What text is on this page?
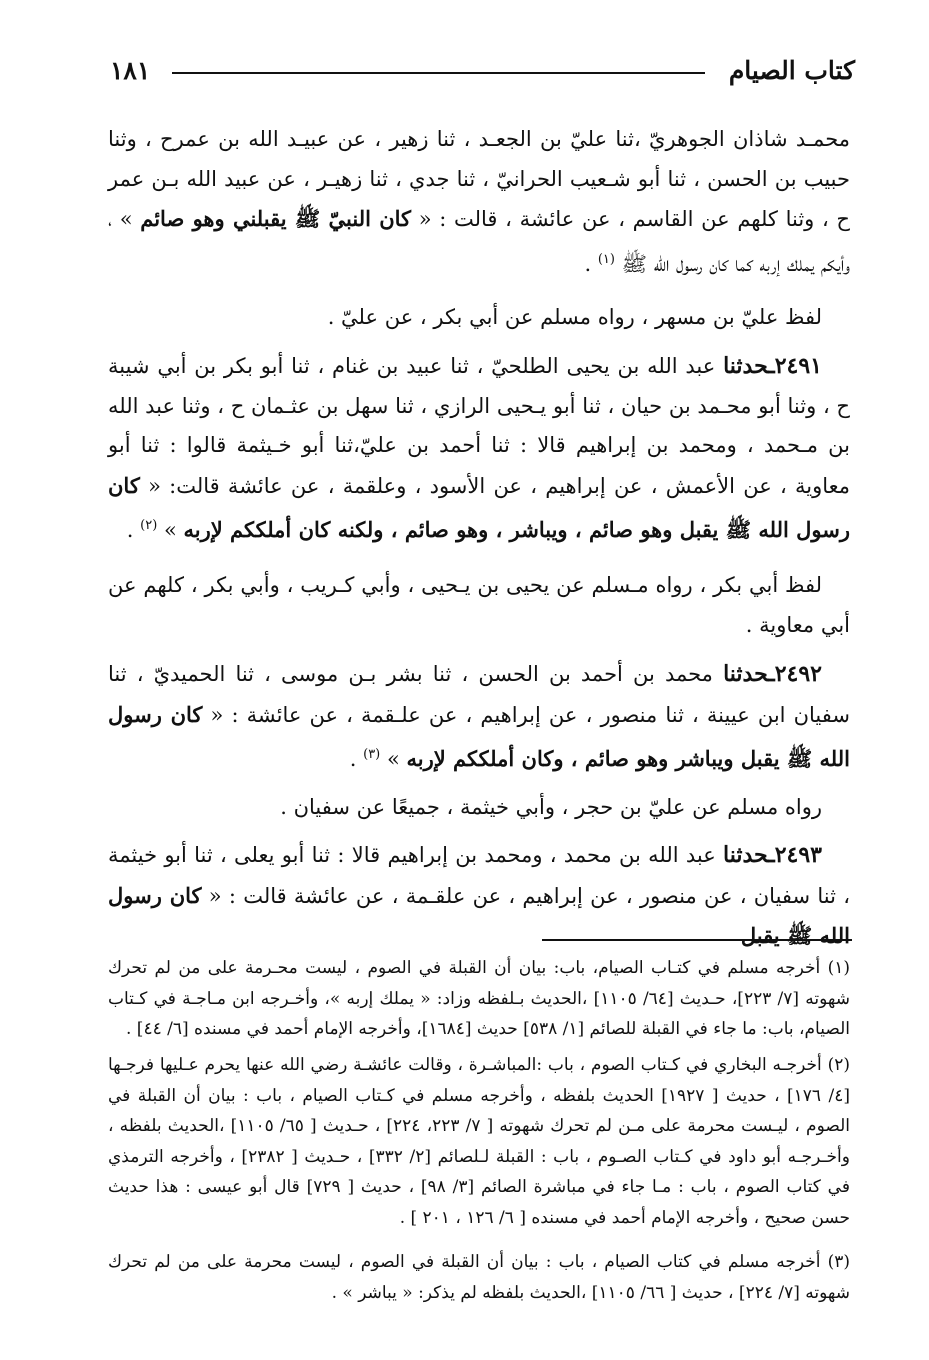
كتاب الصيام
١٨١

محمـد شاذان الجوهريّ ،ثنا عليّ بن الجعـد ، ثنا زهير ، عن عبيـد الله بن عمرح ، وثنا حبيب بن الحسن ، ثنا أبو شـعيب الحرانيّ ، ثنا جدي ، ثنا زهيـر ، عن عبيد الله بـن عمر ح ، وثنا كلهم عن القاسم ، عن عائشة ، قالت : « كان النبيّ ﷺ يقبلني وهو صائم » ، وأيكم يملك إربه كما كان رسول الله ﷺ $^{(١)}$ .

لفظ عليّ بن مسهر ، رواه مسلم عن أبي بكر ، عن عليّ .

٢٤٩١ـحدثنا عبد الله بن يحيى الطلحيّ ، ثنا عبيد بن غنام ، ثنا أبو بكر بن أبي شيبة ح ، وثنا أبو محـمد بن حيان ، ثنا أبو يـحيى الرازي ، ثنا سهل بن عثـمان ح ، وثنا عبد الله بن مـحمد ، ومحمد بن إبراهيم قالا : ثنا أحمد بن عليّ،ثنا أبو خـيثمة قالوا : ثنا أبو معاوية ، عن الأعمش ، عن إبراهيم ، عن الأسود ، وعلقمة ، عن عائشة قالت: « كان رسول الله ﷺ يقبل وهو صائم ، ويباشر ، وهو صائم ، ولكنه كان أملككم لإربه » $^{(٢)}$ .

لفظ أبي بكر ، رواه مـسلم عن يحيى بن يـحيى ، وأبي كـريب ، وأبي بكر ، كلهم عن أبي معاوية .

٢٤٩٢ـحدثنا محمد بن أحمد بن الحسن ، ثنا بشر بـن موسى ، ثنا الحميديّ ، ثنا سفيان ابن عيينة ، ثنا منصور ، عن إبراهيم ، عن علـقمة ، عن عائشة : « كان رسول الله ﷺ يقبل ويباشر وهو صائم ، وكان أملككم لإربه » $^{(٣)}$ .

رواه مسلم عن عليّ بن حجر ، وأبي خيثمة ، جميعًا عن سفيان .

٢٤٩٣ـحدثنا عبد الله بن محمد ، ومحمد بن إبراهيم قالا : ثنا أبو يعلى ، ثنا أبو خيثمة ، ثنا سفيان ، عن منصور ، عن إبراهيم ، عن علقـمة ، عن عائشة قالت : « كان رسول الله ﷺ يقبل

(١) أخرجه مسلم في كتـاب الصيام، باب: بيان أن القبلة في الصوم ، ليست محـرمة على من لم تحرك شهوته [٧/ ٢٢٣]، حـديث [٦٤/ ١١٠٥] ،الحديث بـلفظه وزاد: « يملك إربه »، وأخـرجه ابن مـاجـة في كـتاب الصيام، باب: ما جاء في القبلة للصائم [١/ ٥٣٨] حديث [١٦٨٤]، وأخرجه الإمام أحمد في مسنده [٦/ ٤٤] .

(٢) أخرجـه البخاري في كـتاب الصوم ، باب :المباشـرة ، وقالت عائشـة رضي الله عنها يحرم عـليها فرجـها [٤/ ١٧٦] ، حديث [ ١٩٢٧] الحديث بلفظه ، وأخرجه مسلم في كـتاب الصيام ، باب : بيان أن القبلة في الصوم ، ليـست محرمة على مـن لم تحرك شهوته [ ٧/ ٢٢٣، ٢٢٤] ، حـديث [ ٦٥/ ١١٠٥] ،الحديث بلفظه ، وأخـرجـه أبو داود في كـتاب الصـوم ، باب : القبلة لـلصائم [٢/ ٣٣٢] ، حـديث [ ٢٣٨٢] ، وأخرجه الترمذي في كتاب الصوم ، باب : مـا جاء في مباشرة الصائم [٣/ ٩٨] ، حديث [ ٧٢٩] قال أبو عيسى : هذا حديث حسن صحيح ، وأخرجه الإمام أحمد في مسنده [ ٦/ ١٢٦ ، ٢٠١ ] .

(٣) أخرجه مسلم في كتاب الصيام ، باب : بيان أن القبلة في الصوم ، ليست محرمة على من لم تحرك شهوته [٧/ ٢٢٤] ، حديث [ ٦٦/ ١١٠٥] ،الحديث بلفظه لم يذكر: « يباشر » .
